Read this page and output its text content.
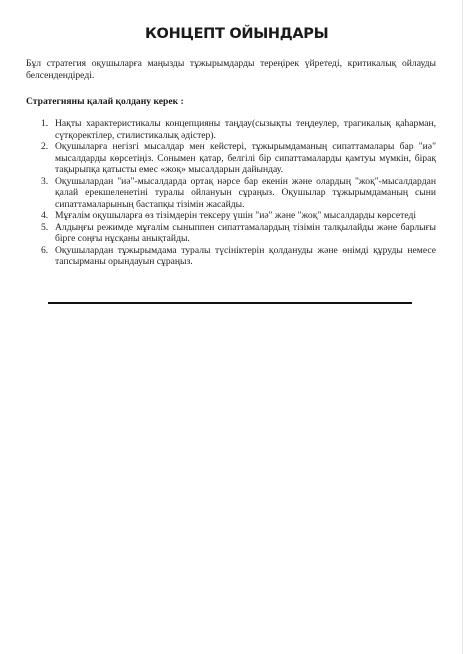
КОНЦЕПТ ОЙЫНДАРЫ
Бұл стратегия оқушыларға маңызды тұжырымдарды тереңірек үйретеді, критикалық ойлауды белсендендіреді.
Стратегияны қалай қолдану керек :
1. Нақты характеристикалы концепцияны таңдау(сызықты теңдеулер, трагикалық қаһарман, сүтқоректілер, стилистикалық әдістер).
2. Оқушыларға негізгі мысалдар мен кейстері, тұжырымдаманың сипаттамалары бар "иә" мысалдарды көрсетіңіз. Сонымен қатар, белгілі бір сипаттамаларды қамтуы мүмкін, бірақ тақырыпқа қатысты емес «жоқ» мысалдарын дайындау.
3. Оқушылардан "иә"-мысалдарда ортақ нәрсе бар екенін және олардың "жоқ"-мысалдардан қалай ерекшеленетіні туралы ойлануын сұраңыз. Оқушылар тұжырымдаманың сыни сипаттамаларының бастапқы тізімін жасайды.
4. Мұғалім оқушыларға өз тізімдерін тексеру үшін "иә" және "жоқ" мысалдарды көрсетеді
5. Алдыңғы режимде мұғалім сыныппен сипаттамалардың тізімін талқылайды және барлығы бірге соңғы нұсқаны анықтайды.
6. Оқушылардан тұжырымдама туралы түсініктерін қолдануды және өнімді құруды немесе тапсырманы орындауын сұраңыз.
